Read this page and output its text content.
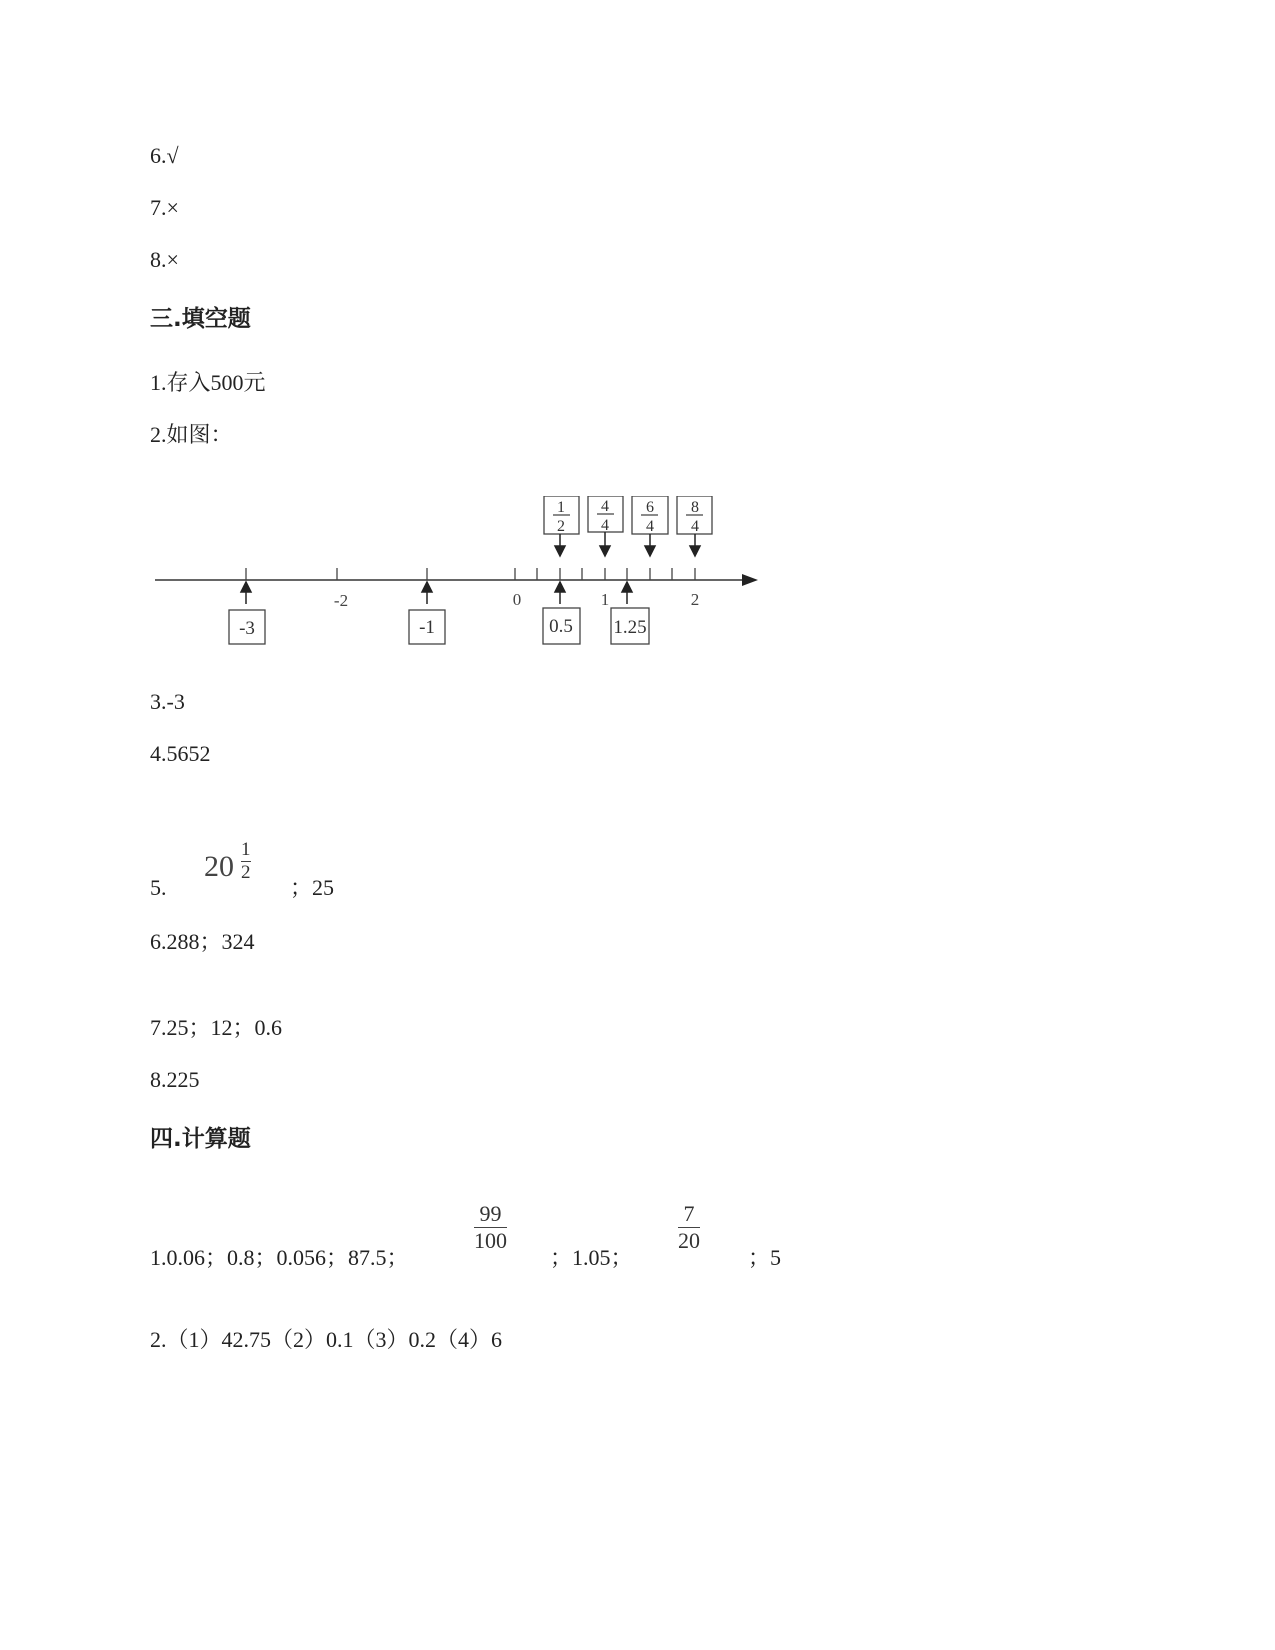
6.√
7.×
8.×
三.填空题
1.存入500元
2.如图：
-2	0	1	2
-3	-1	0.5 1.25
1
2
4
4
6
4
8
4
3.-3
4.5652
5.
20
1
2
；25
6.288；324
7.25；12；0.6
8.225
四.计算题
1.0.06；0.8；0.056；87.5；
99
100
；1.05；
7
20
；5
2.（1）42.75（2）0.1（3）0.2（4）6
